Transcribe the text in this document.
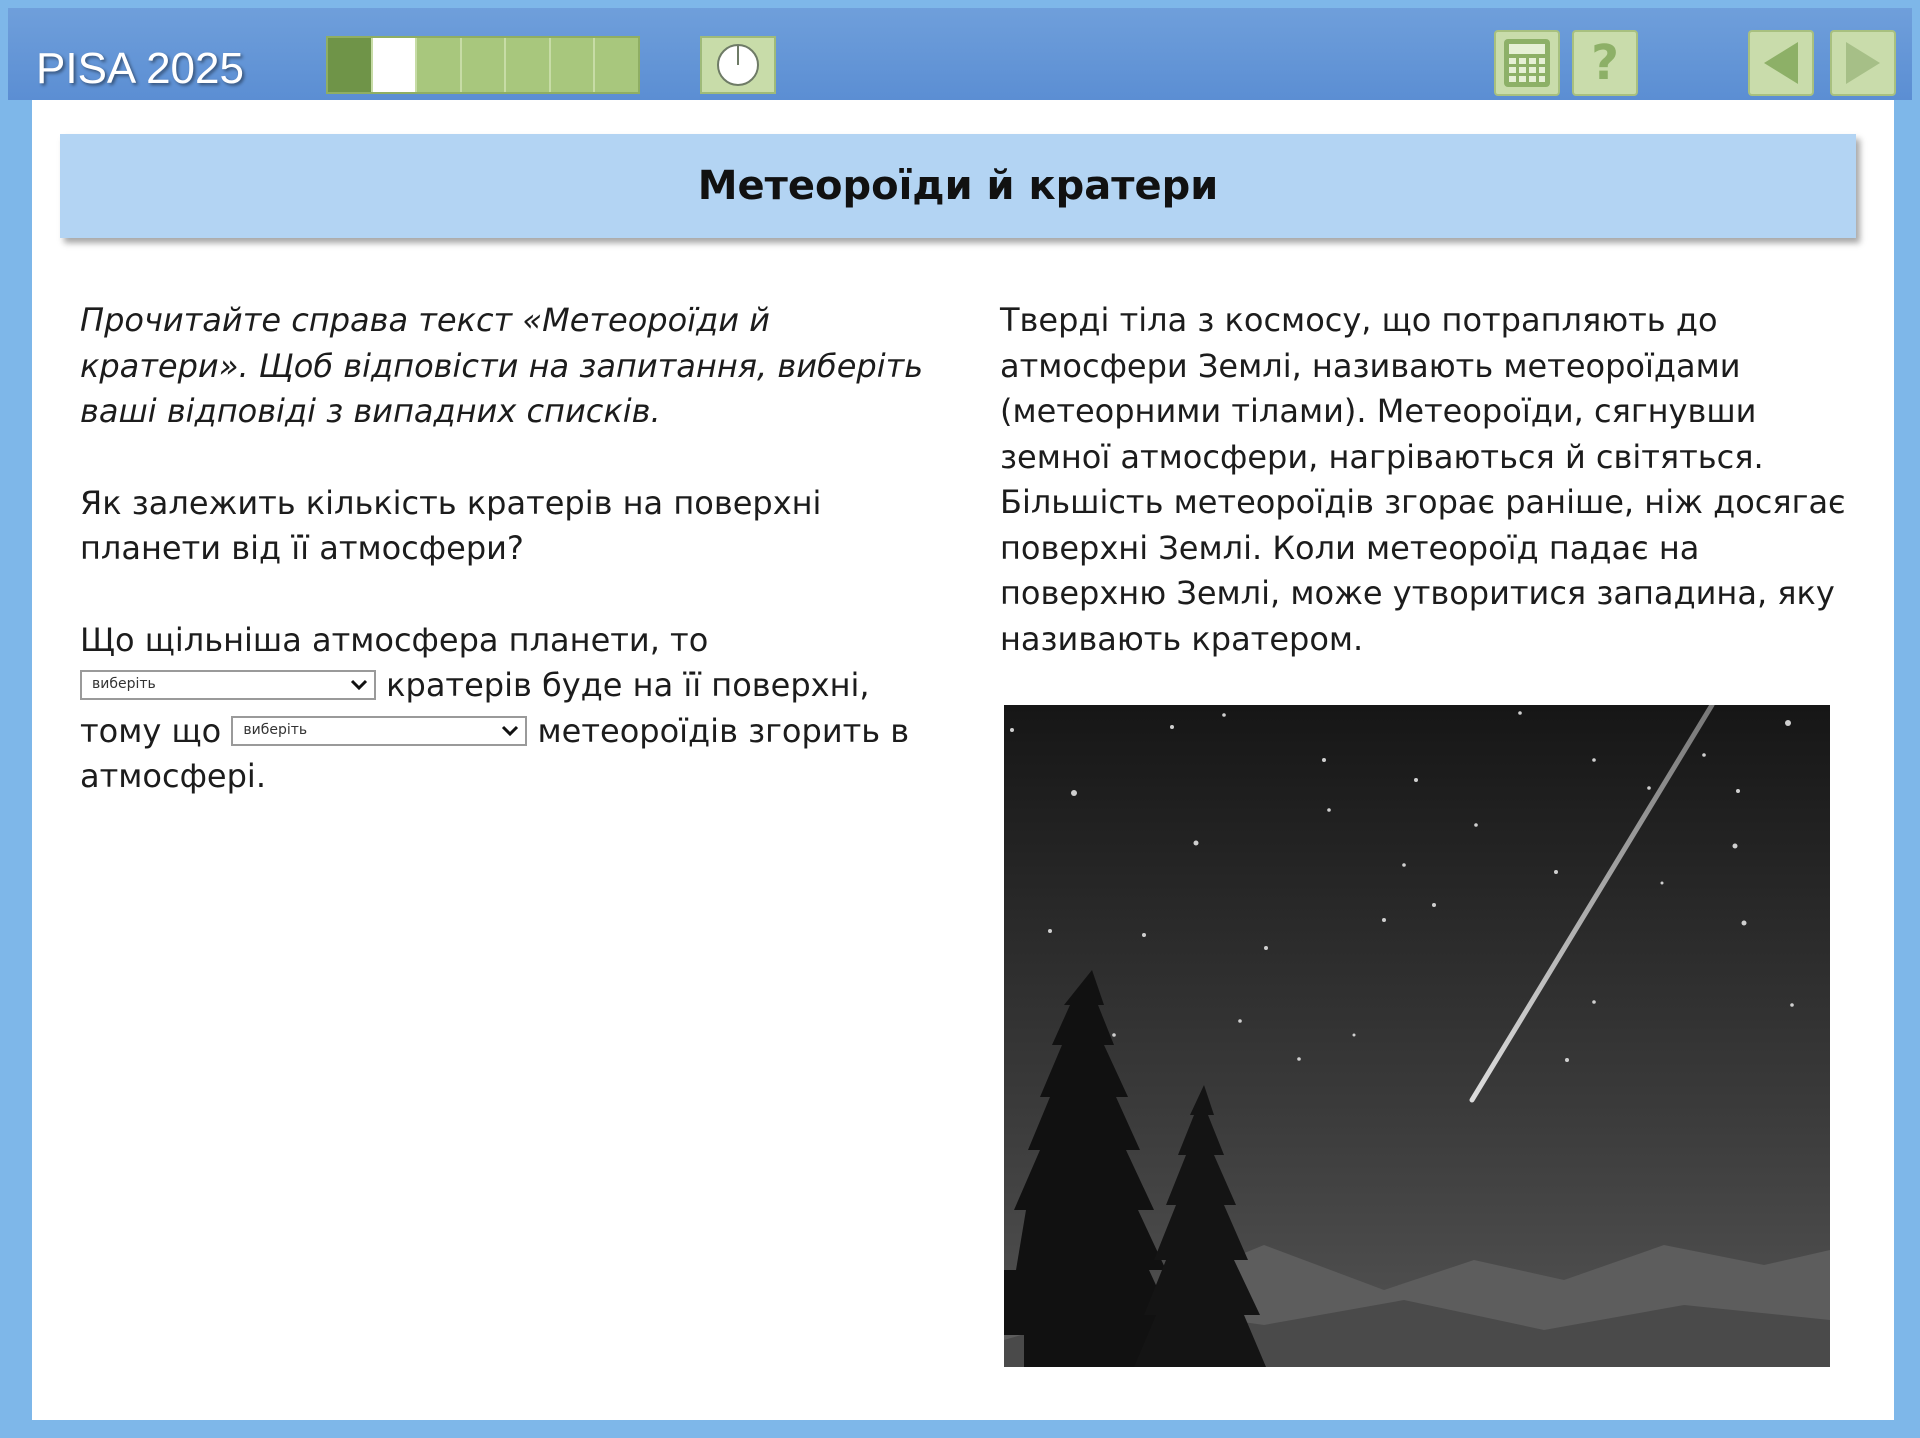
PISA 2025	?
Метеороїди й кратери

Прочитайте справа текст «Метеороїди й кратери». Щоб відповісти на запитання, виберіть ваші відповіді з випадних списків.

Як залежить кількість кратерів на поверхні планети від її атмосфери?

Що щільніша атмосфера планети, то
виберіть	кратерів буде на її поверхні, тому що виберіть	метеороїдів згорить в атмосфері.

Тверді тіла з космосу, що потрапляють до атмосфери Землі, називають метеороїдами (метеорними тілами). Метеороїди, сягнувши земної атмосфери, нагріваються й світяться. Більшість метеороїдів згорає раніше, ніж досягає поверхні Землі. Коли метеороїд падає на поверхню Землі, може утворитися западина, яку називають кратером.
